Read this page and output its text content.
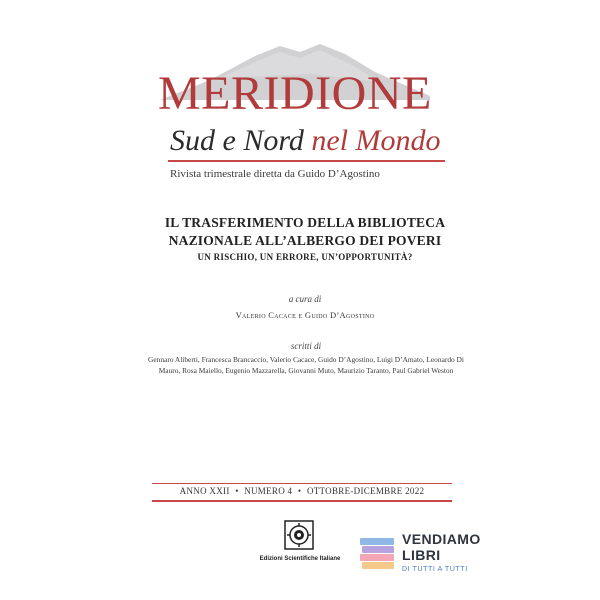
MERIDIONE
Sud e Nord nel Mondo
Rivista trimestrale diretta da Guido D’Agostino
IL TRASFERIMENTO DELLA BIBLIOTECA
NAZIONALE ALL’ALBERGO DEI POVERI
UN RISCHIO, UN ERRORE, UN’OPPORTUNITÀ?
a cura di
Valerio Cacace e Guido D’Agostino
scritti di
Gennaro Aliberti, Francesca Brancaccio, Valerio Cacace, Guido D’Agostino, Luigi D’Amato, Leonardo Di Mauro, Rosa Maiello, Eugenio Mazzarella, Giovanni Muto, Maurizio Taranto, Paul Gabriel Weston
ANNO XXII • NUMERO 4 • OTTOBRE-DICEMBRE 2022
Edizioni Scientifiche Italiane
VENDIAMO
LIBRI
DI TUTTI A TUTTI
